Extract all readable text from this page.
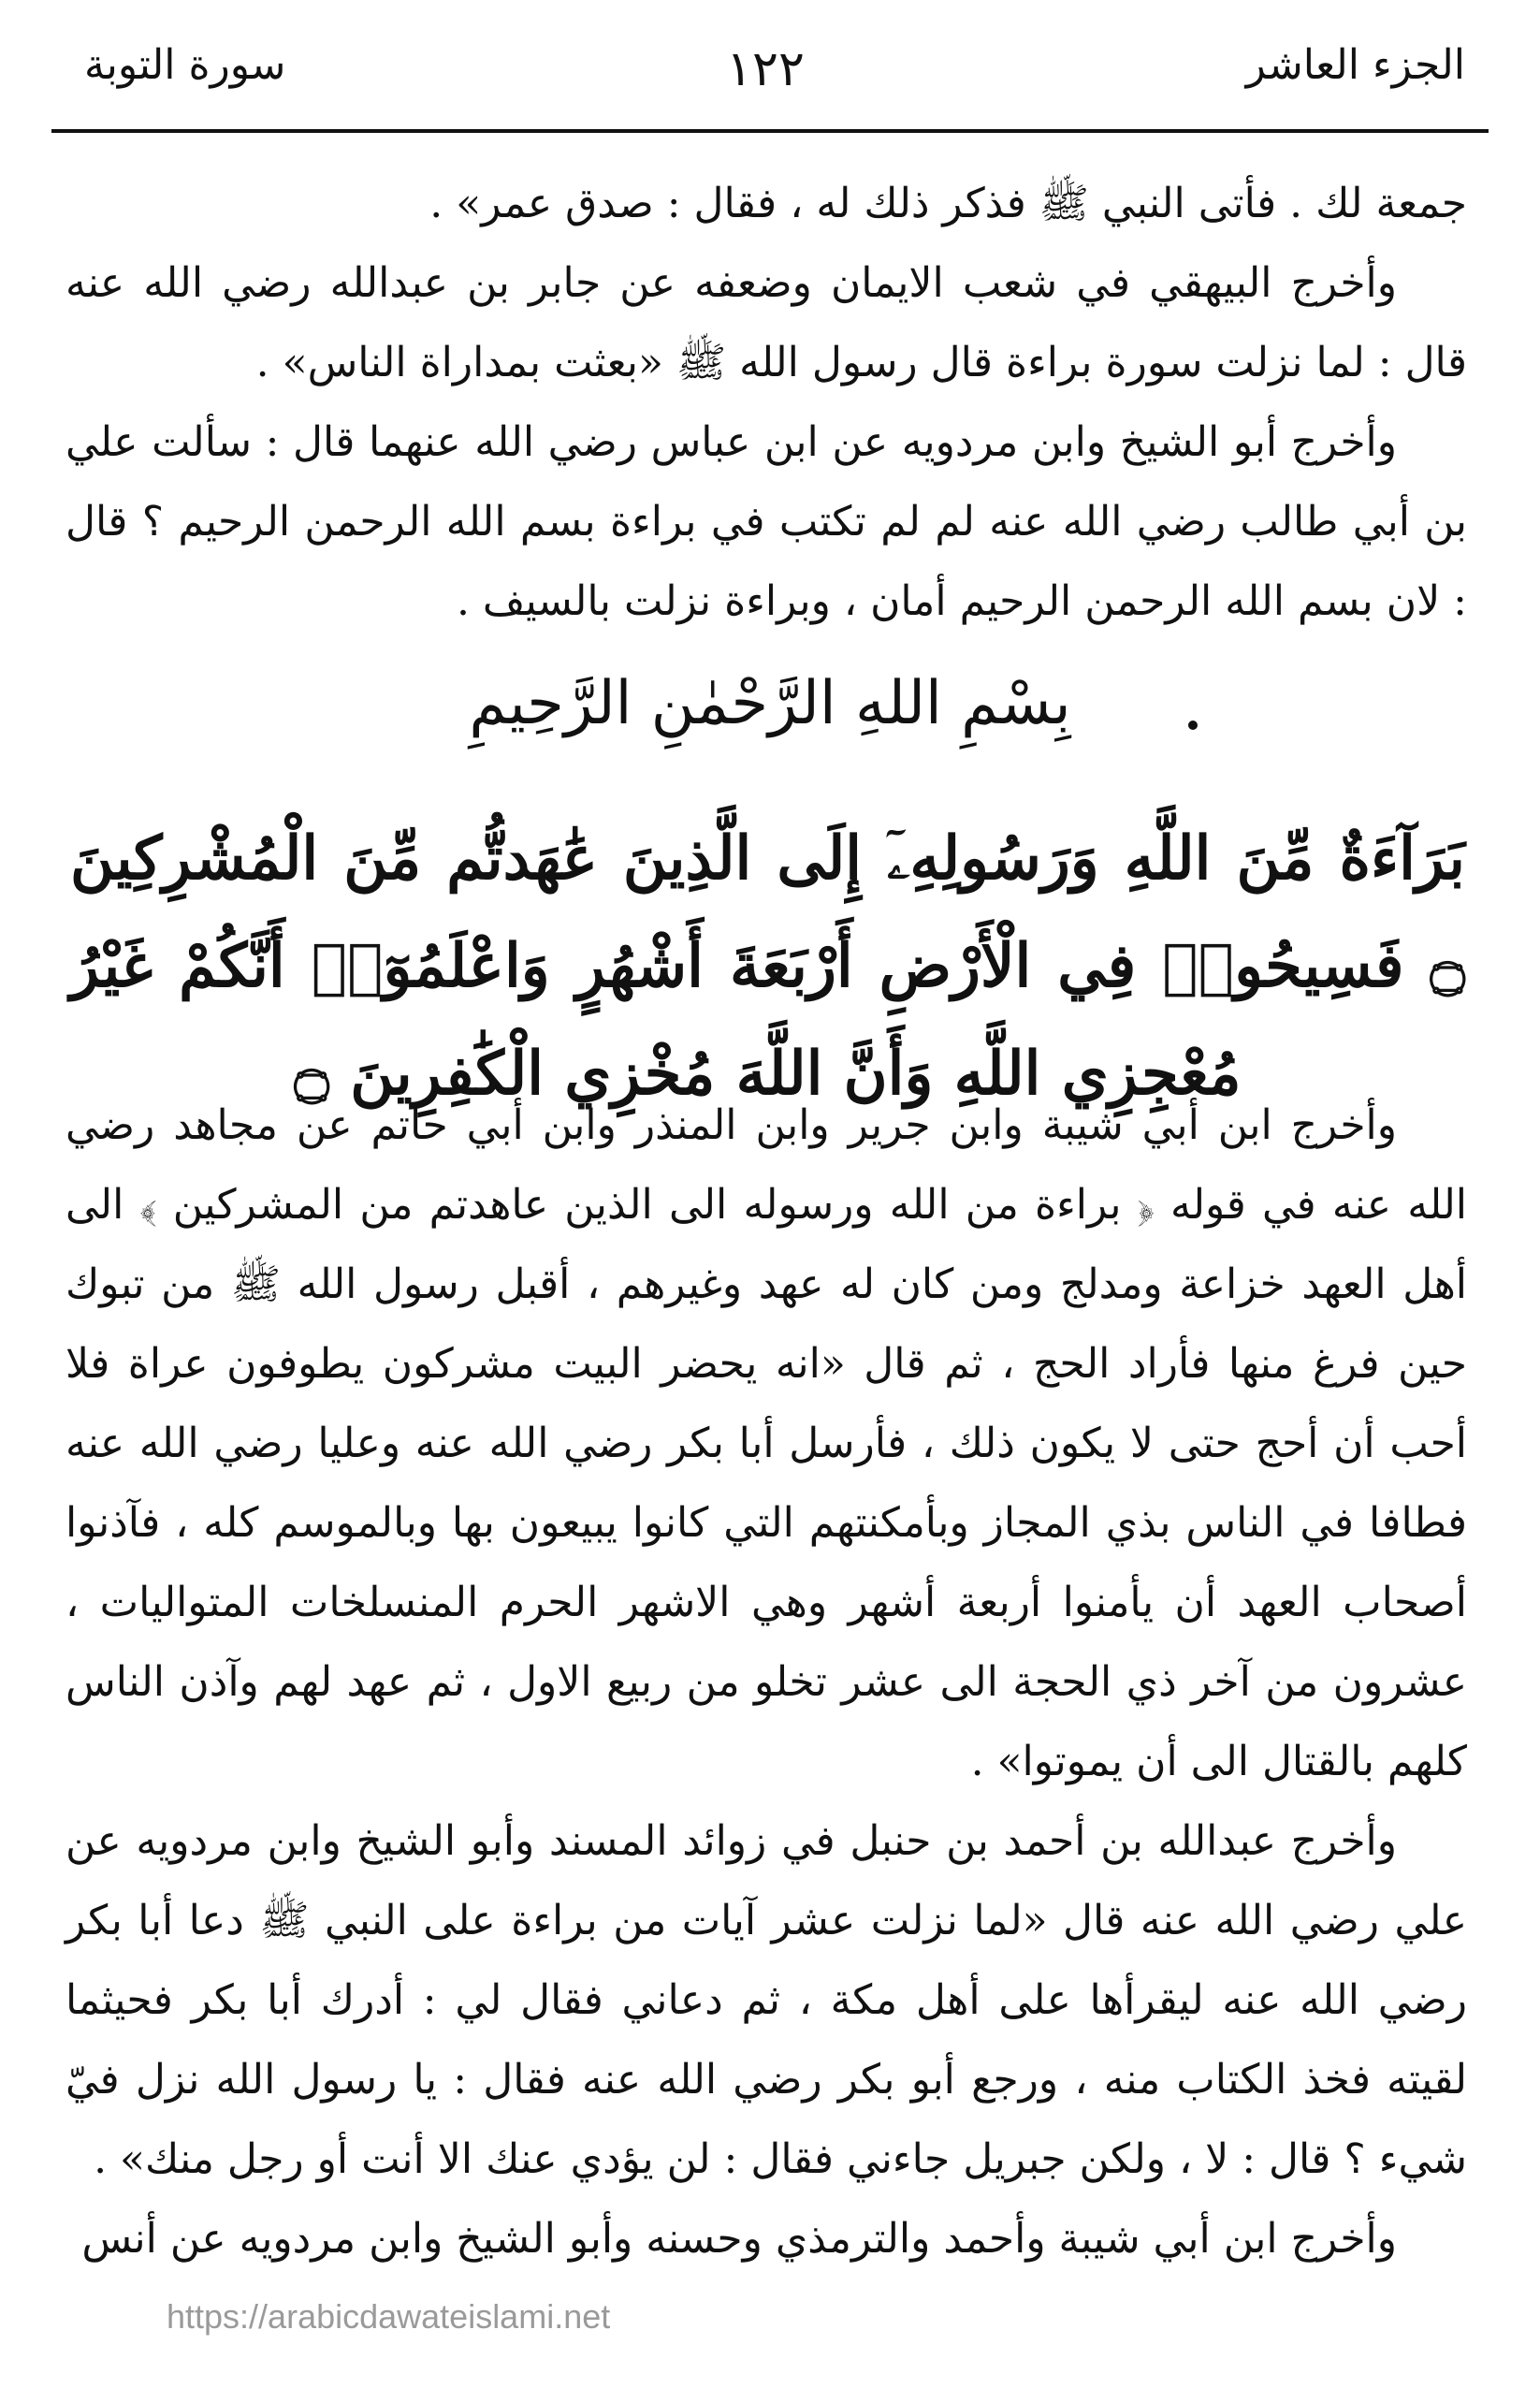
الجزء العاشر
١٢٢
سورة التوبة

جمعة لك . فأتى النبي ﷺ فذكر ذلك له ، فقال : صدق عمر» .

وأخرج البيهقي في شعب الايمان وضعفه عن جابر بن عبدالله رضي الله عنه قال : لما نزلت سورة براءة قال رسول الله ﷺ «بعثت بمداراة الناس» .

وأخرج أبو الشيخ وابن مردويه عن ابن عباس رضي الله عنهما قال : سألت علي بن أبي طالب رضي الله عنه لم لم تكتب في براءة بسم الله الرحمن الرحيم ؟ قال : لان بسم الله الرحمن الرحيم أمان ، وبراءة نزلت بالسيف .

بِسْمِ اللهِ الرَّحْمٰنِ الرَّحِيمِ
بَرَآءَةٌ مِّنَ اللَّهِ وَرَسُولِهِۦٓ إِلَى الَّذِينَ عَٰهَدتُّم مِّنَ الْمُشْرِكِينَ ۝ فَسِيحُوا۟ فِي الْأَرْضِ أَرْبَعَةَ أَشْهُرٍ وَاعْلَمُوٓا۟ أَنَّكُمْ غَيْرُ مُعْجِزِي اللَّهِ وَأَنَّ اللَّهَ مُخْزِي الْكَٰفِرِينَ ۝

وأخرج ابن أبي شيبة وابن جرير وابن المنذر وابن أبي حاتم عن مجاهد رضي الله عنه في قوله ﴿ براءة من الله ورسوله الى الذين عاهدتم من المشركين ﴾ الى أهل العهد خزاعة ومدلج ومن كان له عهد وغيرهم ، أقبل رسول الله ﷺ من تبوك حين فرغ منها فأراد الحج ، ثم قال «انه يحضر البيت مشركون يطوفون عراة فلا أحب أن أحج حتى لا يكون ذلك ، فأرسل أبا بكر رضي الله عنه وعليا رضي الله عنه فطافا في الناس بذي المجاز وبأمكنتهم التي كانوا يبيعون بها وبالموسم كله ، فآذنوا أصحاب العهد أن يأمنوا أربعة أشهر وهي الاشهر الحرم المنسلخات المتواليات ، عشرون من آخر ذي الحجة الى عشر تخلو من ربيع الاول ، ثم عهد لهم وآذن الناس كلهم بالقتال الى أن يموتوا» .

وأخرج عبدالله بن أحمد بن حنبل في زوائد المسند وأبو الشيخ وابن مردويه عن علي رضي الله عنه قال «لما نزلت عشر آيات من براءة على النبي ﷺ دعا أبا بكر رضي الله عنه ليقرأها على أهل مكة ، ثم دعاني فقال لي : أدرك أبا بكر فحيثما لقيته فخذ الكتاب منه ، ورجع أبو بكر رضي الله عنه فقال : يا رسول الله نزل فيّ شيء ؟ قال : لا ، ولكن جبريل جاءني فقال : لن يؤدي عنك الا أنت أو رجل منك» .

وأخرج ابن أبي شيبة وأحمد والترمذي وحسنه وأبو الشيخ وابن مردويه عن أنس

https://arabicdawateislami.net
